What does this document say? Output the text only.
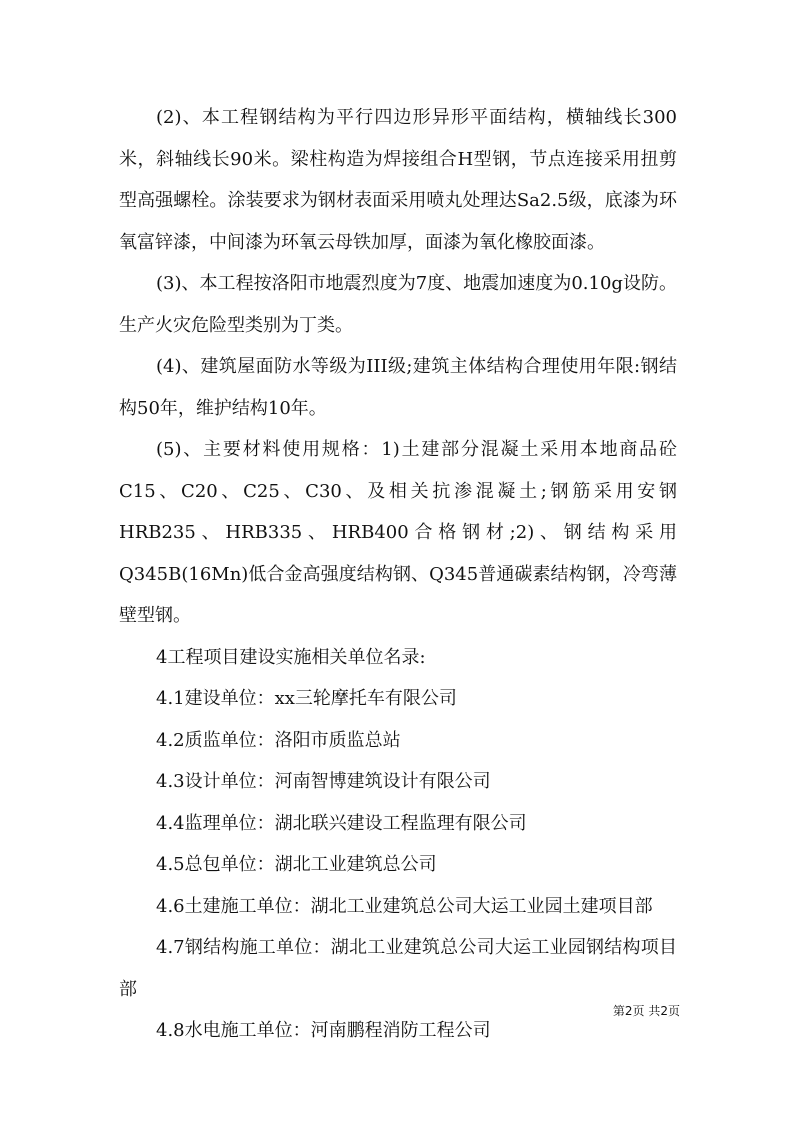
(2)、本工程钢结构为平行四边形异形平面结构，横轴线长300米，斜轴线长90米。梁柱构造为焊接组合H型钢，节点连接采用扭剪型高强螺栓。涂装要求为钢材表面采用喷丸处理达Sa2.5级，底漆为环氧富锌漆，中间漆为环氧云母铁加厚，面漆为氧化橡胶面漆。

(3)、本工程按洛阳市地震烈度为7度、地震加速度为0.10g设防。生产火灾危险型类别为丁类。

(4)、建筑屋面防水等级为III级;建筑主体结构合理使用年限:钢结构50年，维护结构10年。

(5)、主要材料使用规格：1)土建部分混凝土采用本地商品砼C15、C20、C25、C30、及相关抗渗混凝土;钢筋采用安钢HRB235、HRB335、HRB400合格钢材;2)、钢结构采用Q345B(16Mn)低合金高强度结构钢、Q345普通碳素结构钢，冷弯薄壁型钢。

4工程项目建设实施相关单位名录:

4.1建设单位：xx三轮摩托车有限公司

4.2质监单位：洛阳市质监总站

4.3设计单位：河南智博建筑设计有限公司

4.4监理单位：湖北联兴建设工程监理有限公司

4.5总包单位：湖北工业建筑总公司

4.6土建施工单位：湖北工业建筑总公司大运工业园土建项目部

4.7钢结构施工单位：湖北工业建筑总公司大运工业园钢结构项目部

4.8水电施工单位：河南鹏程消防工程公司

第2页 共2页
